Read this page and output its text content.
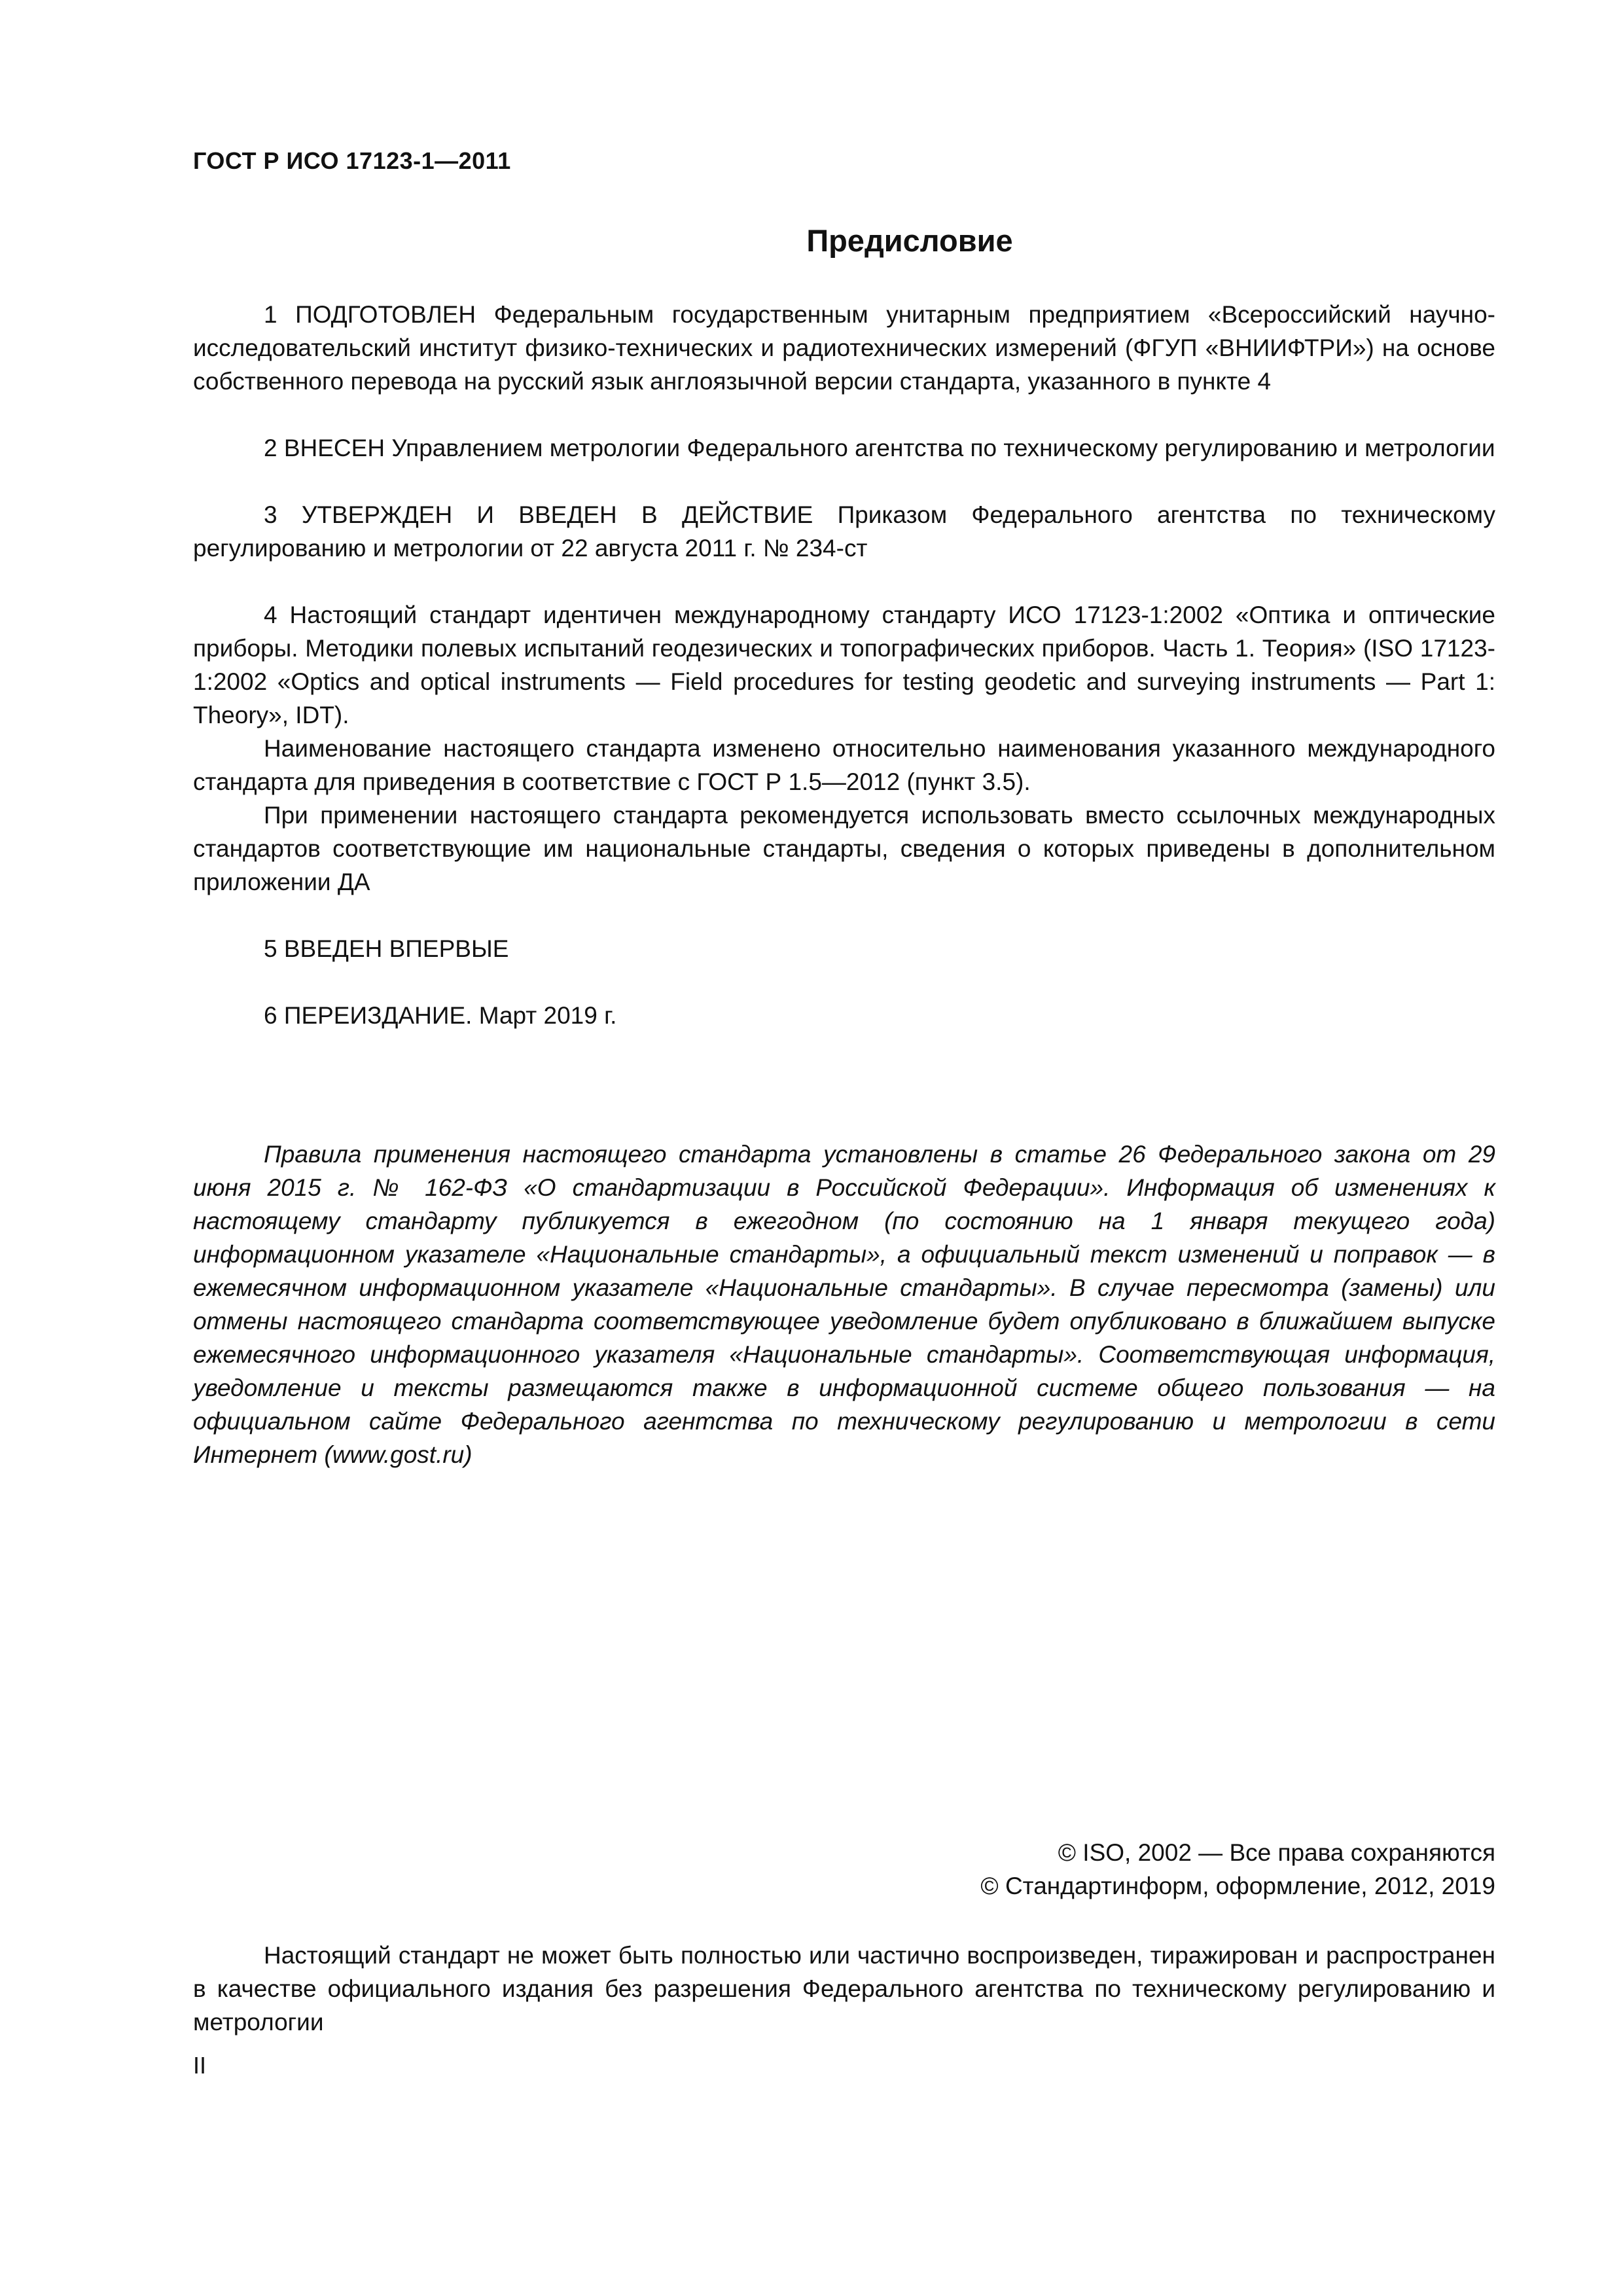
ГОСТ Р ИСО 17123-1—2011
Предисловие

1 ПОДГОТОВЛЕН Федеральным государственным унитарным предприятием «Всероссийский научно-исследовательский институт физико-технических и радиотехнических измерений (ФГУП «ВНИИФТРИ») на основе собственного перевода на русский язык англоязычной версии стандарта, указанного в пункте 4

2 ВНЕСЕН Управлением метрологии Федерального агентства по техническому регулированию и метрологии

3 УТВЕРЖДЕН И ВВЕДЕН В ДЕЙСТВИЕ Приказом Федерального агентства по техническому регулированию и метрологии от 22 августа 2011 г. № 234-ст

4 Настоящий стандарт идентичен международному стандарту ИСО 17123-1:2002 «Оптика и оптические приборы. Методики полевых испытаний геодезических и топографических приборов. Часть 1. Теория» (ISO 17123-1:2002 «Optics and optical instruments — Field procedures for testing geodetic and surveying instruments — Part 1: Theory», IDT).

Наименование настоящего стандарта изменено относительно наименования указанного международного стандарта для приведения в соответствие с ГОСТ Р 1.5—2012 (пункт 3.5).

При применении настоящего стандарта рекомендуется использовать вместо ссылочных международных стандартов соответствующие им национальные стандарты, сведения о которых приведены в дополнительном приложении ДА

5 ВВЕДЕН ВПЕРВЫЕ

6 ПЕРЕИЗДАНИЕ. Март 2019 г.

Правила применения настоящего стандарта установлены в статье 26 Федерального закона от 29 июня 2015 г. № 162-ФЗ «О стандартизации в Российской Федерации». Информация об изменениях к настоящему стандарту публикуется в ежегодном (по состоянию на 1 января текущего года) информационном указателе «Национальные стандарты», а официальный текст изменений и поправок — в ежемесячном информационном указателе «Национальные стандарты». В случае пересмотра (замены) или отмены настоящего стандарта соответствующее уведомление будет опубликовано в ближайшем выпуске ежемесячного информационного указателя «Национальные стандарты». Соответствующая информация, уведомление и тексты размещаются также в информационной системе общего пользования — на официальном сайте Федерального агентства по техническому регулированию и метрологии в сети Интернет (www.gost.ru)
© ISO, 2002 — Все права сохраняются
© Стандартинформ, оформление, 2012, 2019
Настоящий стандарт не может быть полностью или частично воспроизведен, тиражирован и распространен в качестве официального издания без разрешения Федерального агентства по техническому регулированию и метрологии
II
